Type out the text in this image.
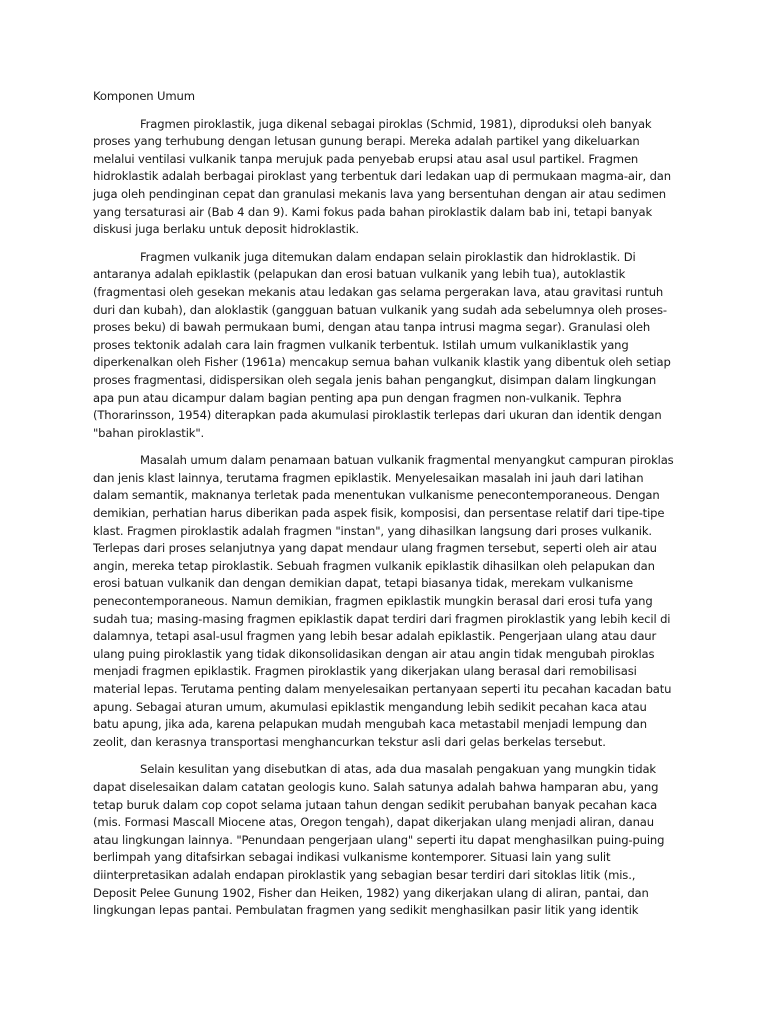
Komponen Umum

Fragmen piroklastik, juga dikenal sebagai piroklas (Schmid, 1981), diproduksi oleh banyak proses yang terhubung dengan letusan gunung berapi. Mereka adalah partikel yang dikeluarkan melalui ventilasi vulkanik tanpa merujuk pada penyebab erupsi atau asal usul partikel. Fragmen hidroklastik adalah berbagai piroklast yang terbentuk dari ledakan uap di permukaan magma-air, dan juga oleh pendinginan cepat dan granulasi mekanis lava yang bersentuhan dengan air atau sedimen yang tersaturasi air (Bab 4 dan 9). Kami fokus pada bahan piroklastik dalam bab ini, tetapi banyak diskusi juga berlaku untuk deposit hidroklastik.

Fragmen vulkanik juga ditemukan dalam endapan selain piroklastik dan hidroklastik. Di antaranya adalah epiklastik (pelapukan dan erosi batuan vulkanik yang lebih tua), autoklastik (fragmentasi oleh gesekan mekanis atau ledakan gas selama pergerakan lava, atau gravitasi runtuh duri dan kubah), dan aloklastik (gangguan batuan vulkanik yang sudah ada sebelumnya oleh proses-proses beku) di bawah permukaan bumi, dengan atau tanpa intrusi magma segar). Granulasi oleh proses tektonik adalah cara lain fragmen vulkanik terbentuk. Istilah umum vulkaniklastik yang diperkenalkan oleh Fisher (1961a) mencakup semua bahan vulkanik klastik yang dibentuk oleh setiap proses fragmentasi, didispersikan oleh segala jenis bahan pengangkut, disimpan dalam lingkungan apa pun atau dicampur dalam bagian penting apa pun dengan fragmen non-vulkanik. Tephra (Thorarinsson, 1954) diterapkan pada akumulasi piroklastik terlepas dari ukuran dan identik dengan "bahan piroklastik".

Masalah umum dalam penamaan batuan vulkanik fragmental menyangkut campuran piroklas dan jenis klast lainnya, terutama fragmen epiklastik. Menyelesaikan masalah ini jauh dari latihan dalam semantik, maknanya terletak pada menentukan vulkanisme penecontemporaneous. Dengan demikian, perhatian harus diberikan pada aspek fisik, komposisi, dan persentase relatif dari tipe-tipe klast. Fragmen piroklastik adalah fragmen "instan", yang dihasilkan langsung dari proses vulkanik. Terlepas dari proses selanjutnya yang dapat mendaur ulang fragmen tersebut, seperti oleh air atau angin, mereka tetap piroklastik. Sebuah fragmen vulkanik epiklastik dihasilkan oleh pelapukan dan erosi batuan vulkanik dan dengan demikian dapat, tetapi biasanya tidak, merekam vulkanisme penecontemporaneous. Namun demikian, fragmen epiklastik mungkin berasal dari erosi tufa yang sudah tua; masing-masing fragmen epiklastik dapat terdiri dari fragmen piroklastik yang lebih kecil di dalamnya, tetapi asal-usul fragmen yang lebih besar adalah epiklastik. Pengerjaan ulang atau daur ulang puing piroklastik yang tidak dikonsolidasikan dengan air atau angin tidak mengubah piroklas menjadi fragmen epiklastik. Fragmen piroklastik yang dikerjakan ulang berasal dari remobilisasi material lepas. Terutama penting dalam menyelesaikan pertanyaan seperti itu pecahan kacadan batu apung. Sebagai aturan umum, akumulasi epiklastik mengandung lebih sedikit pecahan kaca atau batu apung, jika ada, karena pelapukan mudah mengubah kaca metastabil menjadi lempung dan zeolit, dan kerasnya transportasi menghancurkan tekstur asli dari gelas berkelas tersebut.

Selain kesulitan yang disebutkan di atas, ada dua masalah pengakuan yang mungkin tidak dapat diselesaikan dalam catatan geologis kuno. Salah satunya adalah bahwa hamparan abu, yang tetap buruk dalam cop copot selama jutaan tahun dengan sedikit perubahan banyak pecahan kaca (mis. Formasi Mascall Miocene atas, Oregon tengah), dapat dikerjakan ulang menjadi aliran, danau atau lingkungan lainnya. "Penundaan pengerjaan ulang" seperti itu dapat menghasilkan puing-puing berlimpah yang ditafsirkan sebagai indikasi vulkanisme kontemporer. Situasi lain yang sulit diinterpretasikan adalah endapan piroklastik yang sebagian besar terdiri dari sitoklas litik (mis., Deposit Pelee Gunung 1902, Fisher dan Heiken, 1982) yang dikerjakan ulang di aliran, pantai, dan lingkungan lepas pantai. Pembulatan fragmen yang sedikit menghasilkan pasir litik yang identik
